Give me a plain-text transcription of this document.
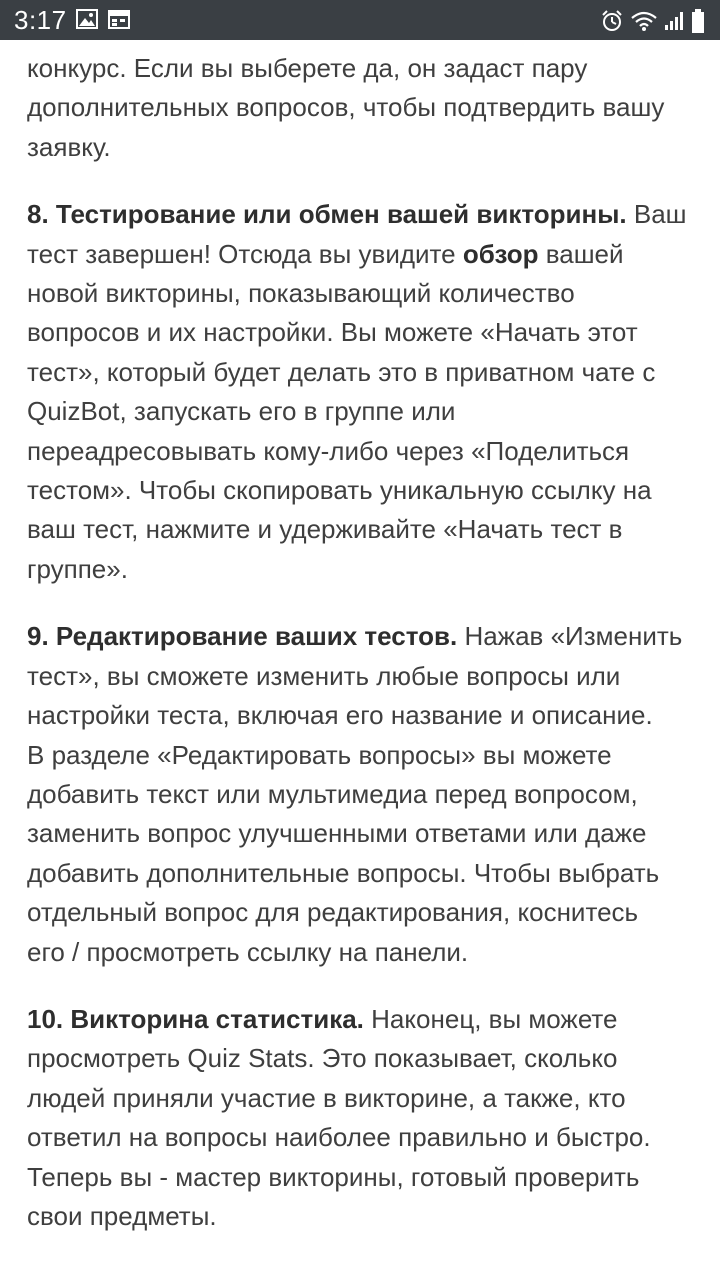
3:17

конкурс. Если вы выберете да, он задаст пару
дополнительных вопросов, чтобы подтвердить вашу
заявку.

8. Тестирование или обмен вашей викторины. Ваш
тест завершен! Отсюда вы увидите обзор вашей
новой викторины, показывающий количество
вопросов и их настройки. Вы можете «Начать этот
тест», который будет делать это в приватном чате с
QuizBot, запускать его в группе или
переадресовывать кому-либо через «Поделиться
тестом». Чтобы скопировать уникальную ссылку на
ваш тест, нажмите и удерживайте «Начать тест в
группе».

9. Редактирование ваших тестов. Нажав «Изменить
тест», вы сможете изменить любые вопросы или
настройки теста, включая его название и описание.
В разделе «Редактировать вопросы» вы можете
добавить текст или мультимедиа перед вопросом,
заменить вопрос улучшенными ответами или даже
добавить дополнительные вопросы. Чтобы выбрать
отдельный вопрос для редактирования, коснитесь
его / просмотреть ссылку на панели.

10. Викторина статистика. Наконец, вы можете
просмотреть Quiz Stats. Это показывает, сколько
людей приняли участие в викторине, а также, кто
ответил на вопросы наиболее правильно и быстро.
Теперь вы - мастер викторины, готовый проверить
свои предметы.
